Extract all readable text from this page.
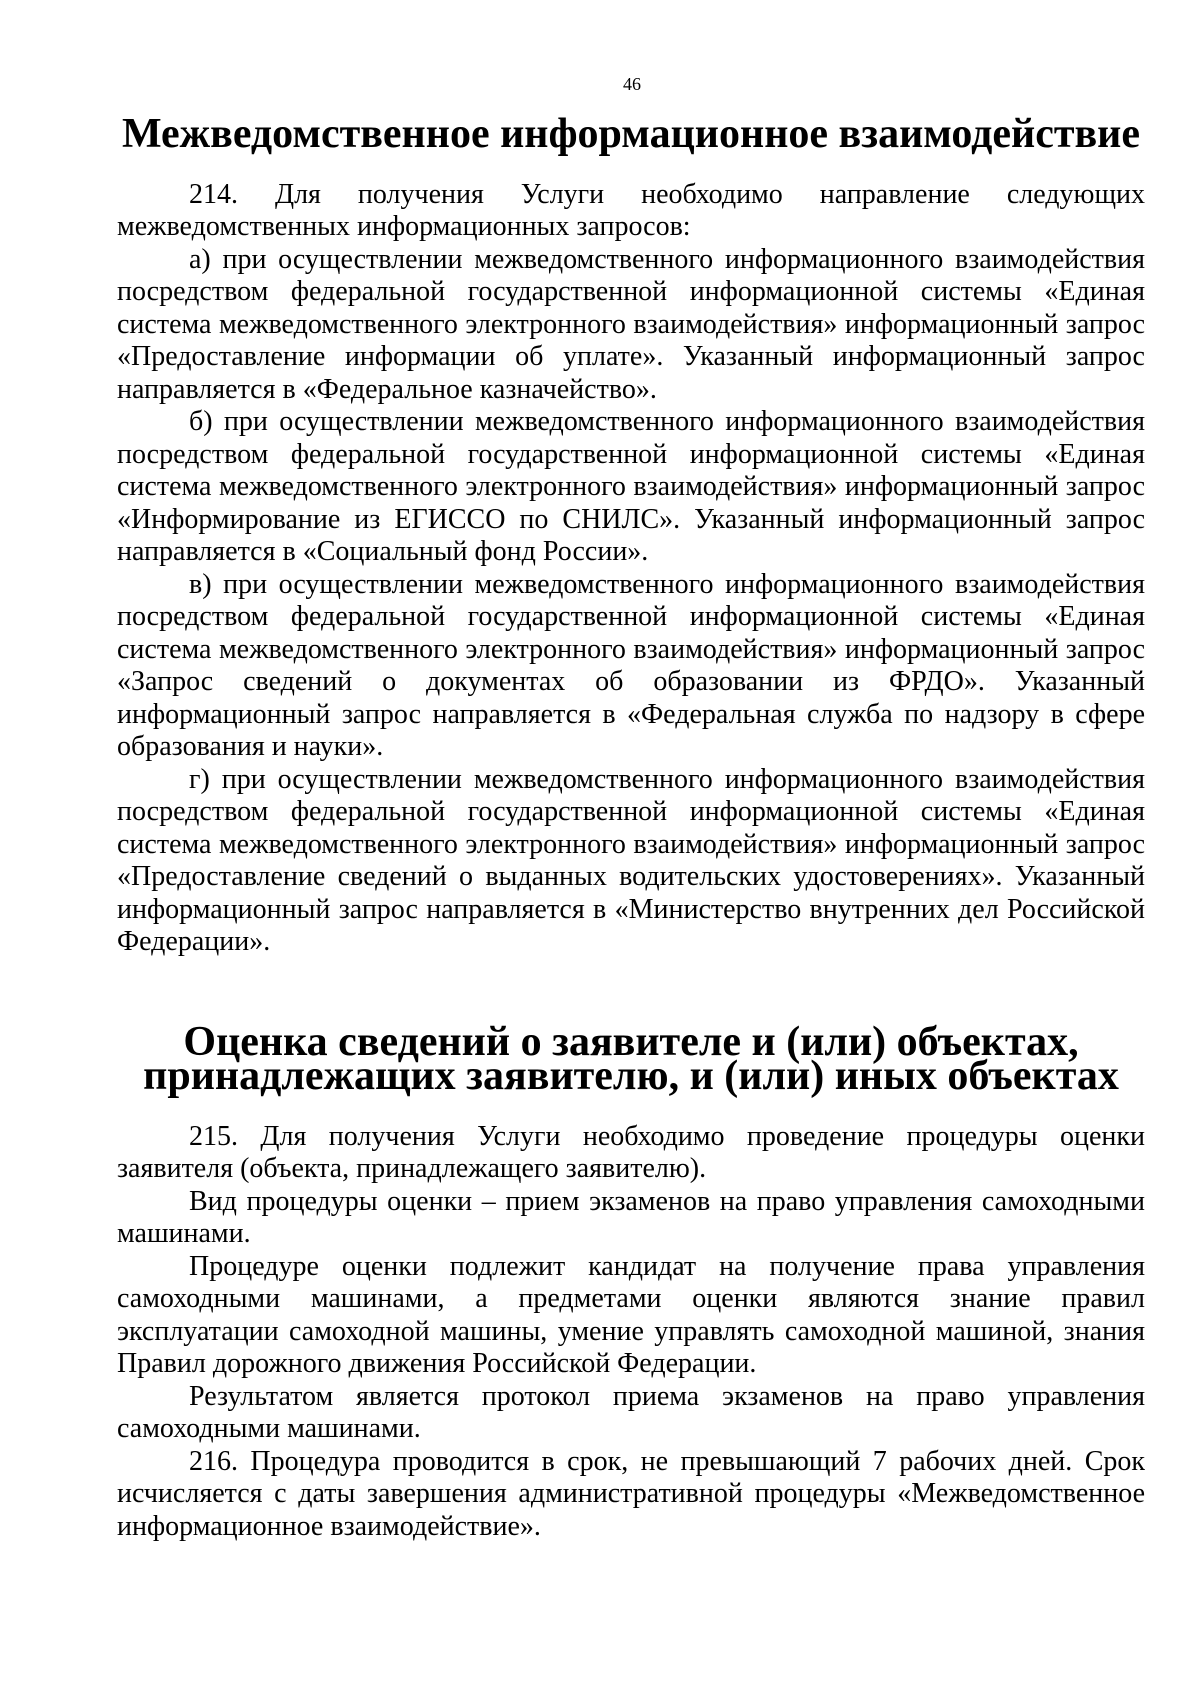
46
Межведомственное информационное взаимодействие

214. Для получения Услуги необходимо направление следующих межведомственных информационных запросов:

а) при осуществлении межведомственного информационного взаимодействия посредством федеральной государственной информационной системы «Единая система межведомственного электронного взаимодействия» информационный запрос «Предоставление информации об уплате». Указанный информационный запрос направляется в «Федеральное казначейство».

б) при осуществлении межведомственного информационного взаимодействия посредством федеральной государственной информационной системы «Единая система межведомственного электронного взаимодействия» информационный запрос «Информирование из ЕГИССО по СНИЛС». Указанный информационный запрос направляется в «Социальный фонд России».

в) при осуществлении межведомственного информационного взаимодействия посредством федеральной государственной информационной системы «Единая система межведомственного электронного взаимодействия» информационный запрос «Запрос сведений о документах об образовании из ФРДО». Указанный информационный запрос направляется в «Федеральная служба по надзору в сфере образования и науки».

г) при осуществлении межведомственного информационного взаимодействия посредством федеральной государственной информационной системы «Единая система межведомственного электронного взаимодействия» информационный запрос «Предоставление сведений о выданных водительских удостоверениях». Указанный информационный запрос направляется в «Министерство внутренних дел Российской Федерации».

Оценка сведений о заявителе и (или) объектах, принадлежащих заявителю, и (или) иных объектах

215. Для получения Услуги необходимо проведение процедуры оценки заявителя (объекта, принадлежащего заявителю).

Вид процедуры оценки – прием экзаменов на право управления самоходными машинами.

Процедуре оценки подлежит кандидат на получение права управления самоходными машинами, а предметами оценки являются знание правил эксплуатации самоходной машины, умение управлять самоходной машиной, знания Правил дорожного движения Российской Федерации.

Результатом является протокол приема экзаменов на право управления самоходными машинами.

216. Процедура проводится в срок, не превышающий 7 рабочих дней. Срок исчисляется с даты завершения административной процедуры «Межведомственное информационное взаимодействие».
